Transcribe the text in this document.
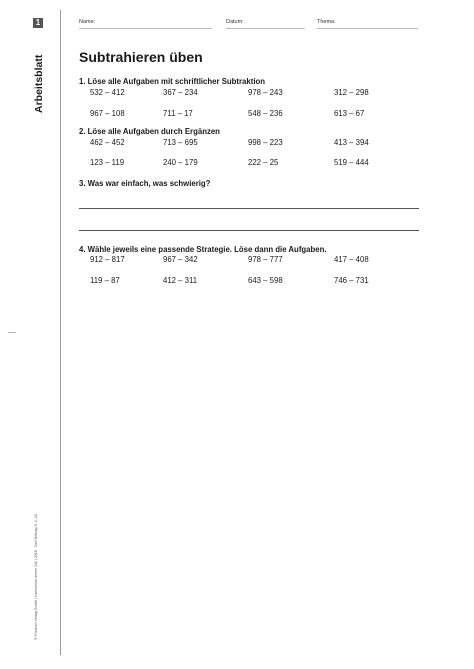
1
Arbeitsblatt
© Friedrich Verlag GmbH | Hanhamcik lehren 311 | 2018 · Zum Beitrag S. 1–10
Name:	Datum:	Thema:
Subtrahieren üben
1. Löse alle Aufgaben mit schriftlicher Subtraktion
532 – 412	367 – 234	978 – 243	312 – 298
967 – 108	711 – 17	548 – 236	613 – 67
2. Löse alle Aufgaben durch Ergänzen
462 – 452	713 – 695	998 – 223	413 – 394
123 – 119	240 – 179	222 – 25	519 – 444
3. Was war einfach, was schwierig?
4. Wähle jeweils eine passende Strategie. Löse dann die Aufgaben.
912 – 817	967 – 342	978 – 777	417 – 408
119 – 87	412 – 311	643 – 598	746 – 731
